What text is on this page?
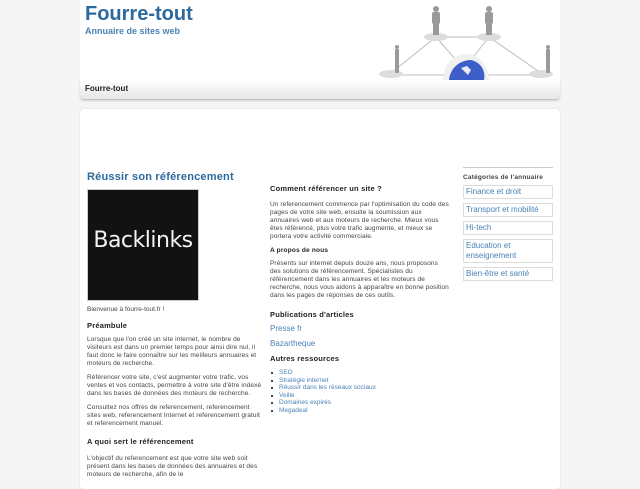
Fourre-tout
Annuaire de sites web
Fourre-tout
Réussir son référencement
Backlinks
Bienvenue à fourre-tout.fr !
Préambule

Lorsque que l'on créé un site internet, le nombre de visiteurs est dans un premier temps pour ainsi dire nul, il faut donc le faire connaître sur les meilleurs annuaires et moteurs de recherche.

Référencer votre site, c'est augmenter votre trafic, vos ventes et vos contacts, permettre à votre site d'être indexé dans les bases de données des moteurs de recherche.

Consultez nos offres de referencement, referencement sites web, referencement Internet et referencement gratuit et referencement manuel.

A quoi sert le référencement

L'objectif du referencement est que votre site web soit présent dans les bases de données des annuaires et des moteurs de recherche, afin de le

Comment référencer un site ?

Un referencement commence par l'optimisation du code des pages de votre site web, ensuite la soumission aux annuaires web et aux moteurs de recherche. Mieux vous êtes référencé, plus votre trafic augmente, et mieux se portera votre activité commerciale.

A propos de nous

Présents sur internet depuis douze ans, nous proposons des solutions de référencement. Spécialistes du référencement dans les annuaires et les moteurs de recherche, nous vous aidons à apparaître en bonne position dans les pages de réponses de ces outils.

Publications d'articles
Presse fr
Bazartheque
Autres ressources
SEO
Stratégie internet
Réussir dans les réseaux sociaux
Veille
Domaines expirés
Megadeal
Catégories de l'annuaire
Finance et droit
Transport et mobilité
Hi-tech
Education et enseignement
Bien-être et santé
